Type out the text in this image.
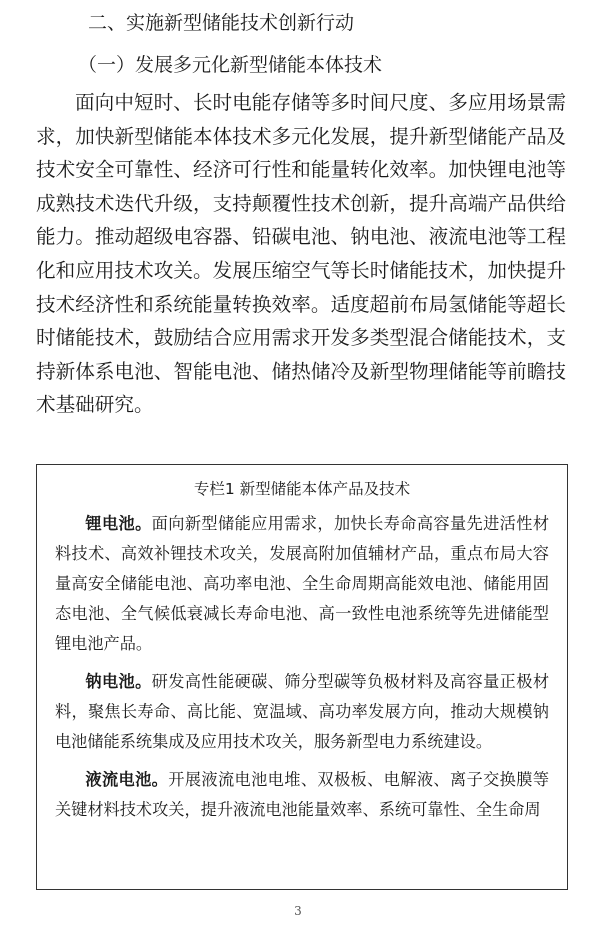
二、实施新型储能技术创新行动
（一）发展多元化新型储能本体技术
面向中短时、长时电能存储等多时间尺度、多应用场景需求，加快新型储能本体技术多元化发展，提升新型储能产品及技术安全可靠性、经济可行性和能量转化效率。加快锂电池等成熟技术迭代升级，支持颠覆性技术创新，提升高端产品供给能力。推动超级电容器、铅碳电池、钠电池、液流电池等工程化和应用技术攻关。发展压缩空气等长时储能技术，加快提升技术经济性和系统能量转换效率。适度超前布局氢储能等超长时储能技术，鼓励结合应用需求开发多类型混合储能技术，支持新体系电池、智能电池、储热储冷及新型物理储能等前瞻技术基础研究。
专栏1 新型储能本体产品及技术

锂电池。面向新型储能应用需求，加快长寿命高容量先进活性材料技术、高效补锂技术攻关，发展高附加值辅材产品，重点布局大容量高安全储能电池、高功率电池、全生命周期高能效电池、储能用固态电池、全气候低衰减长寿命电池、高一致性电池系统等先进储能型锂电池产品。

钠电池。研发高性能硬碳、筛分型碳等负极材料及高容量正极材料，聚焦长寿命、高比能、宽温域、高功率发展方向，推动大规模钠电池储能系统集成及应用技术攻关，服务新型电力系统建设。

液流电池。开展液流电池电堆、双极板、电解液、离子交换膜等关键材料技术攻关，提升液流电池能量效率、系统可靠性、全生命周

3
